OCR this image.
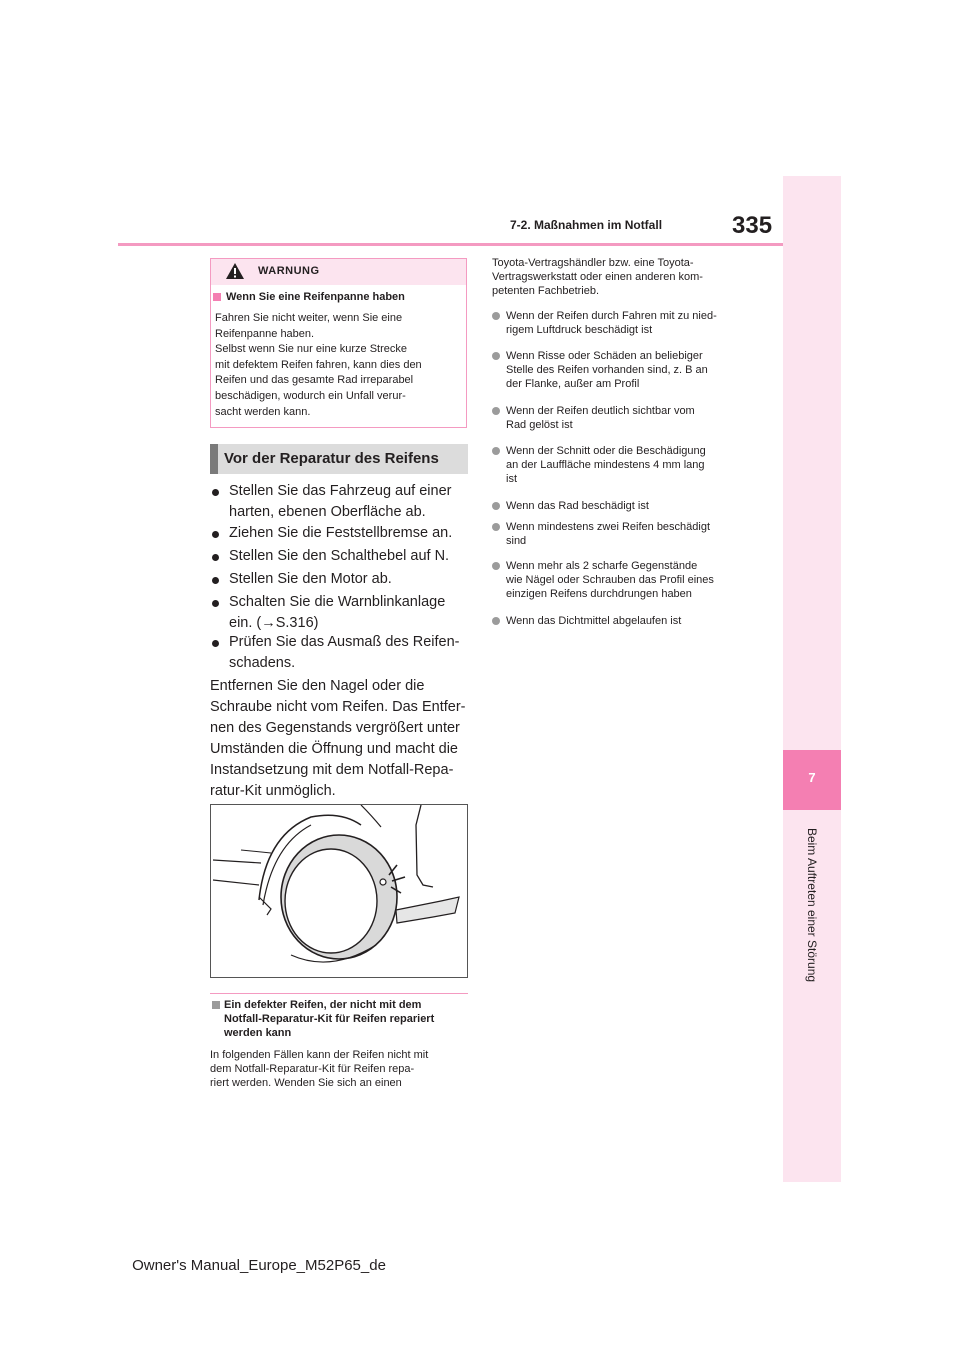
7
Beim Auftreten einer Störung
7-2. Maßnahmen im Notfall	335
WARNUNG
Wenn Sie eine Reifenpanne haben
Fahren Sie nicht weiter, wenn Sie eine
Reifenpanne haben.
Selbst wenn Sie nur eine kurze Strecke
mit defektem Reifen fahren, kann dies den
Reifen und das gesamte Rad irreparabel
beschädigen, wodurch ein Unfall verur-
sacht werden kann.
Vor der Reparatur des Reifens
Stellen Sie das Fahrzeug auf einer harten, ebenen Oberfläche ab.
Ziehen Sie die Feststellbremse an.
Stellen Sie den Schalthebel auf N.
Stellen Sie den Motor ab.
Schalten Sie die Warnblinkanlage ein. (→S.316)
Prüfen Sie das Ausmaß des Reifen-schadens.
Entfernen Sie den Nagel oder die
Schraube nicht vom Reifen. Das Entfer-
nen des Gegenstands vergrößert unter
Umständen die Öffnung und macht die
Instandsetzung mit dem Notfall-Repa-
ratur-Kit unmöglich.
Ein defekter Reifen, der nicht mit dem
Notfall-Reparatur-Kit für Reifen repariert
werden kann
In folgenden Fällen kann der Reifen nicht mit
dem Notfall-Reparatur-Kit für Reifen repa-
riert werden. Wenden Sie sich an einen
Toyota-Vertragshändler bzw. eine Toyota-
Vertragswerkstatt oder einen anderen kom-
petenten Fachbetrieb.
Wenn der Reifen durch Fahren mit zu nied-
rigem Luftdruck beschädigt ist
Wenn Risse oder Schäden an beliebiger
Stelle des Reifen vorhanden sind, z. B an
der Flanke, außer am Profil
Wenn der Reifen deutlich sichtbar vom
Rad gelöst ist
Wenn der Schnitt oder die Beschädigung
an der Lauffläche mindestens 4 mm lang
ist
Wenn das Rad beschädigt ist
Wenn mindestens zwei Reifen beschädigt
sind
Wenn mehr als 2 scharfe Gegenstände
wie Nägel oder Schrauben das Profil eines
einzigen Reifens durchdrungen haben
Wenn das Dichtmittel abgelaufen ist
Owner's Manual_Europe_M52P65_de
